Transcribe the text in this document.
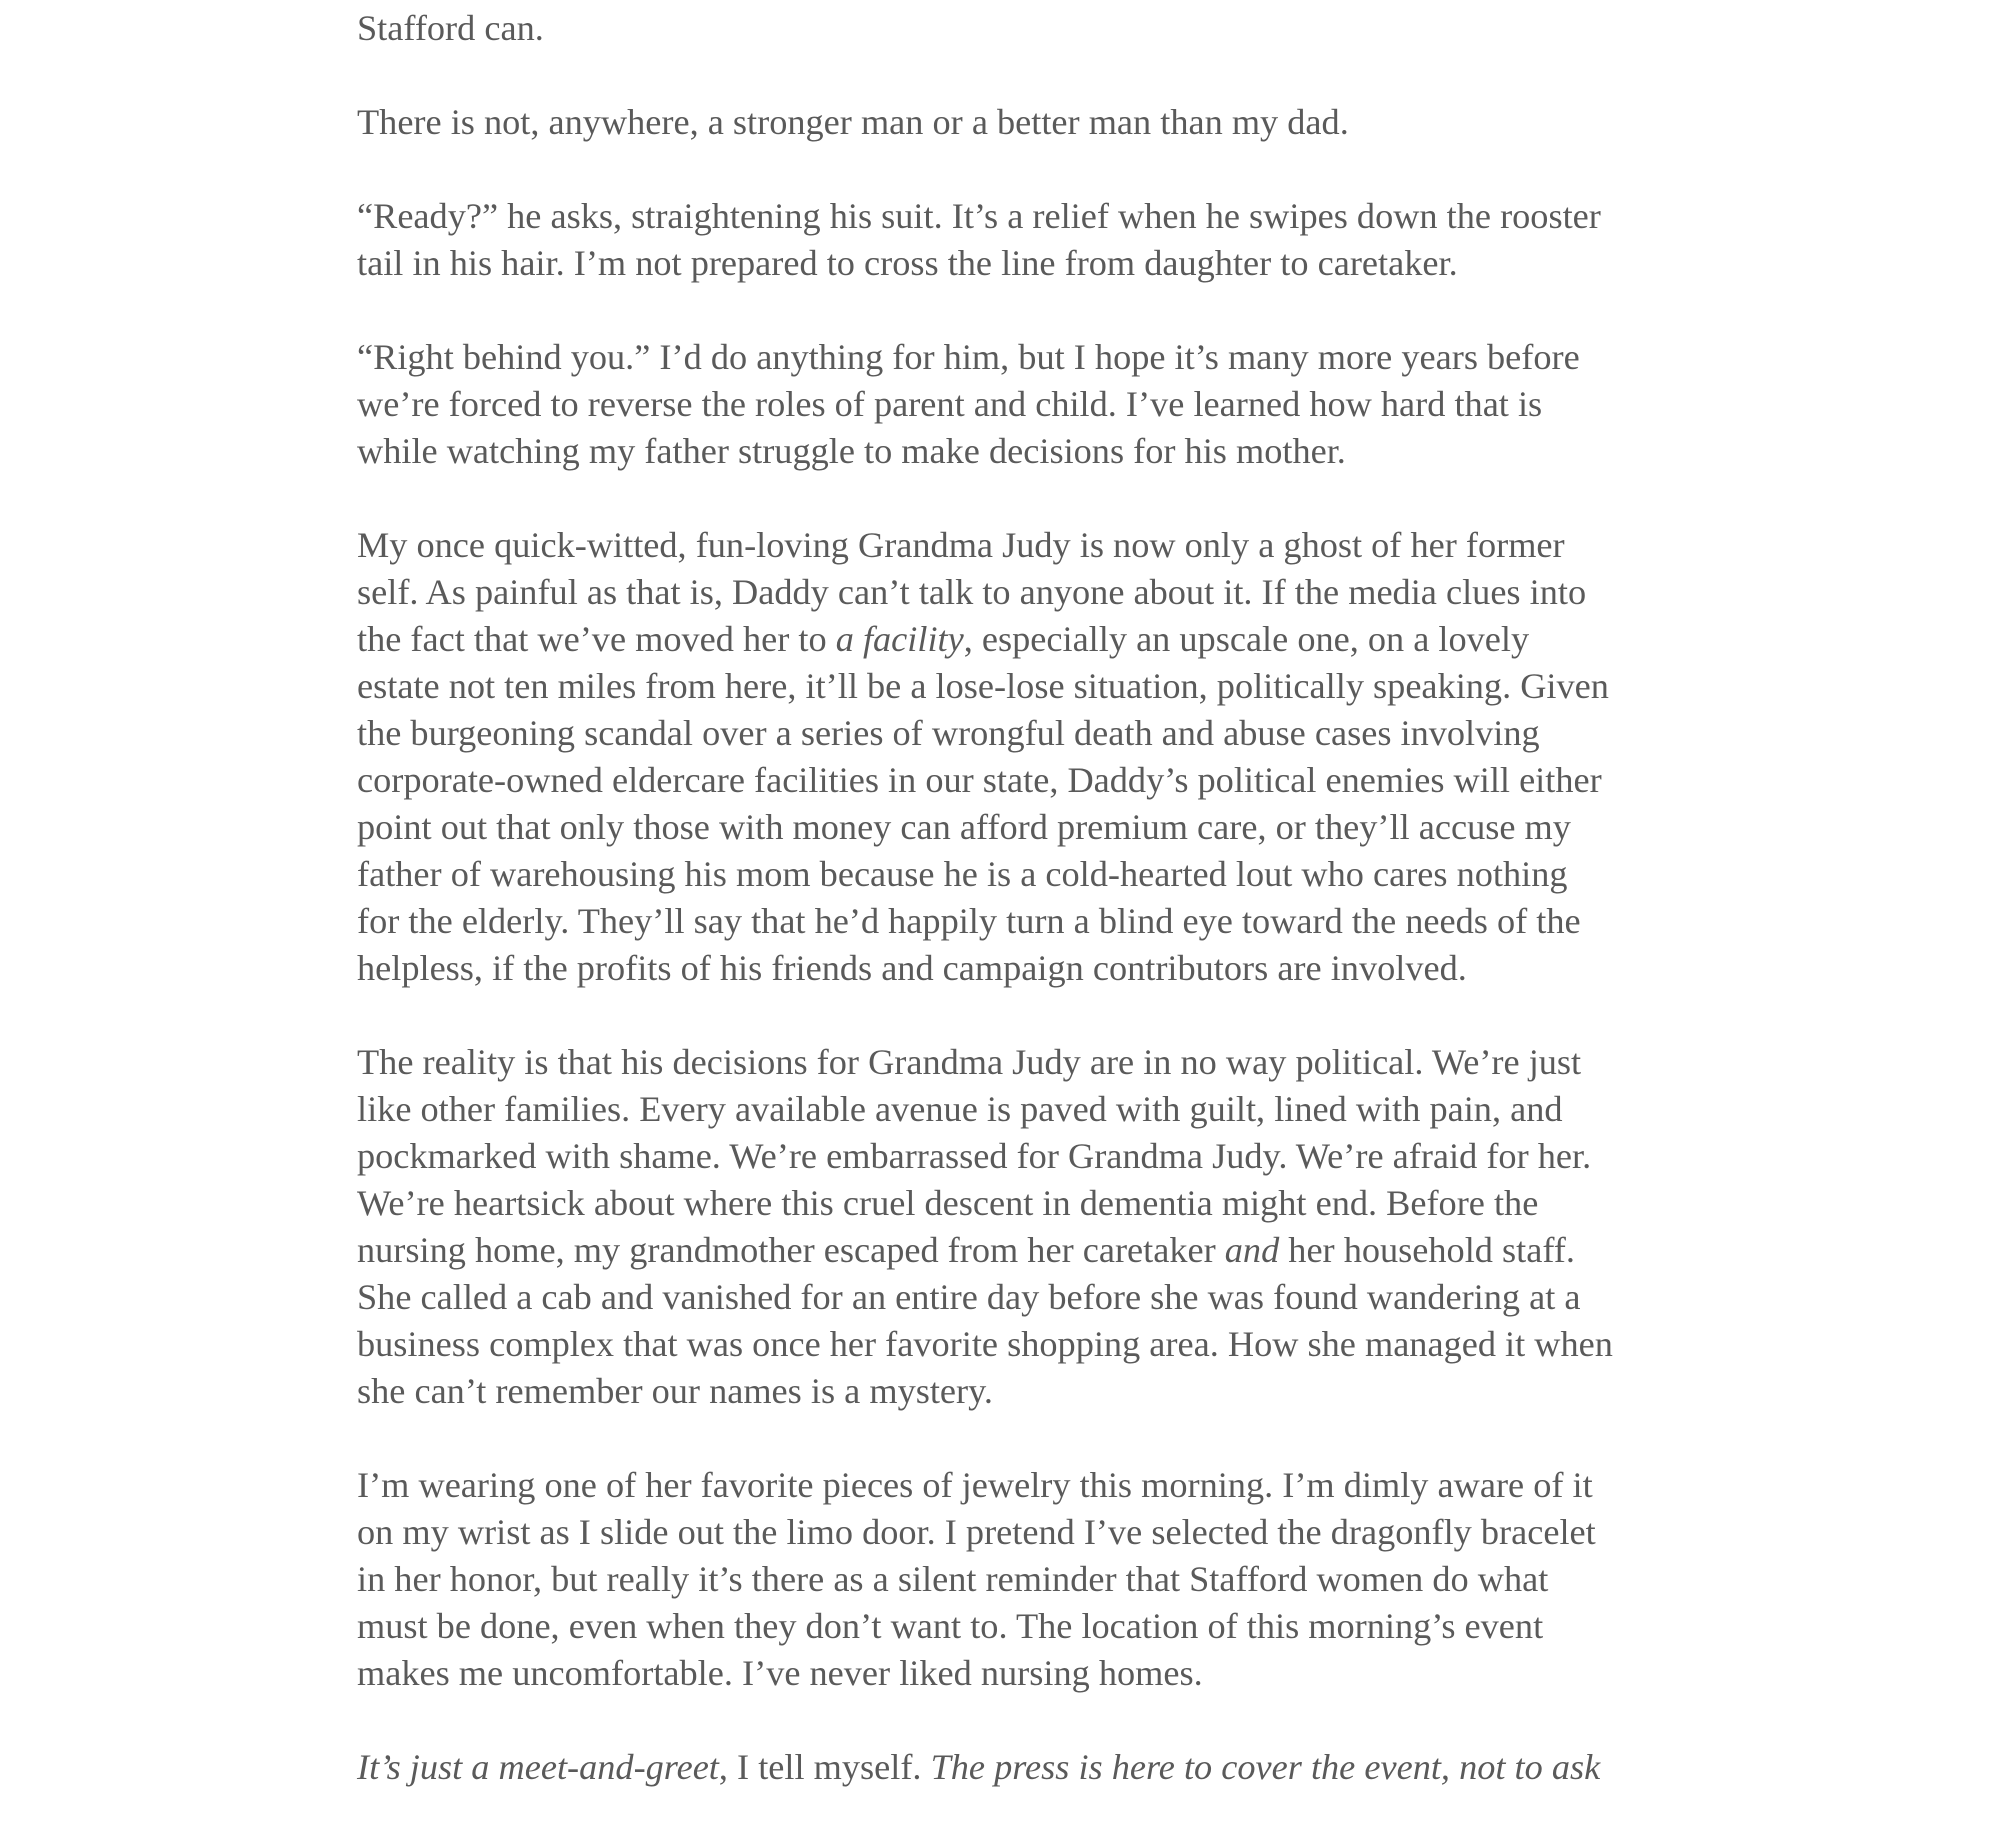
Stafford can.
There is not, anywhere, a stronger man or a better man than my dad.
“Ready?” he asks, straightening his suit. It’s a relief when he swipes down the rooster
tail in his hair. I’m not prepared to cross the line from daughter to caretaker.
“Right behind you.” I’d do anything for him, but I hope it’s many more years before
we’re forced to reverse the roles of parent and child. I’ve learned how hard that is
while watching my father struggle to make decisions for his mother.
My once quick-witted, fun-loving Grandma Judy is now only a ghost of her former
self. As painful as that is, Daddy can’t talk to anyone about it. If the media clues into
the fact that we’ve moved her to a facility, especially an upscale one, on a lovely
estate not ten miles from here, it’ll be a lose-lose situation, politically speaking. Given
the burgeoning scandal over a series of wrongful death and abuse cases involving
corporate-owned eldercare facilities in our state, Daddy’s political enemies will either
point out that only those with money can afford premium care, or they’ll accuse my
father of warehousing his mom because he is a cold-hearted lout who cares nothing
for the elderly. They’ll say that he’d happily turn a blind eye toward the needs of the
helpless, if the profits of his friends and campaign contributors are involved.
The reality is that his decisions for Grandma Judy are in no way political. We’re just
like other families. Every available avenue is paved with guilt, lined with pain, and
pockmarked with shame. We’re embarrassed for Grandma Judy. We’re afraid for her.
We’re heartsick about where this cruel descent in dementia might end. Before the
nursing home, my grandmother escaped from her caretaker and her household staff.
She called a cab and vanished for an entire day before she was found wandering at a
business complex that was once her favorite shopping area. How she managed it when
she can’t remember our names is a mystery.
I’m wearing one of her favorite pieces of jewelry this morning. I’m dimly aware of it
on my wrist as I slide out the limo door. I pretend I’ve selected the dragonfly bracelet
in her honor, but really it’s there as a silent reminder that Stafford women do what
must be done, even when they don’t want to. The location of this morning’s event
makes me uncomfortable. I’ve never liked nursing homes.
It’s just a meet-and-greet, I tell myself. The press is here to cover the event, not to ask
